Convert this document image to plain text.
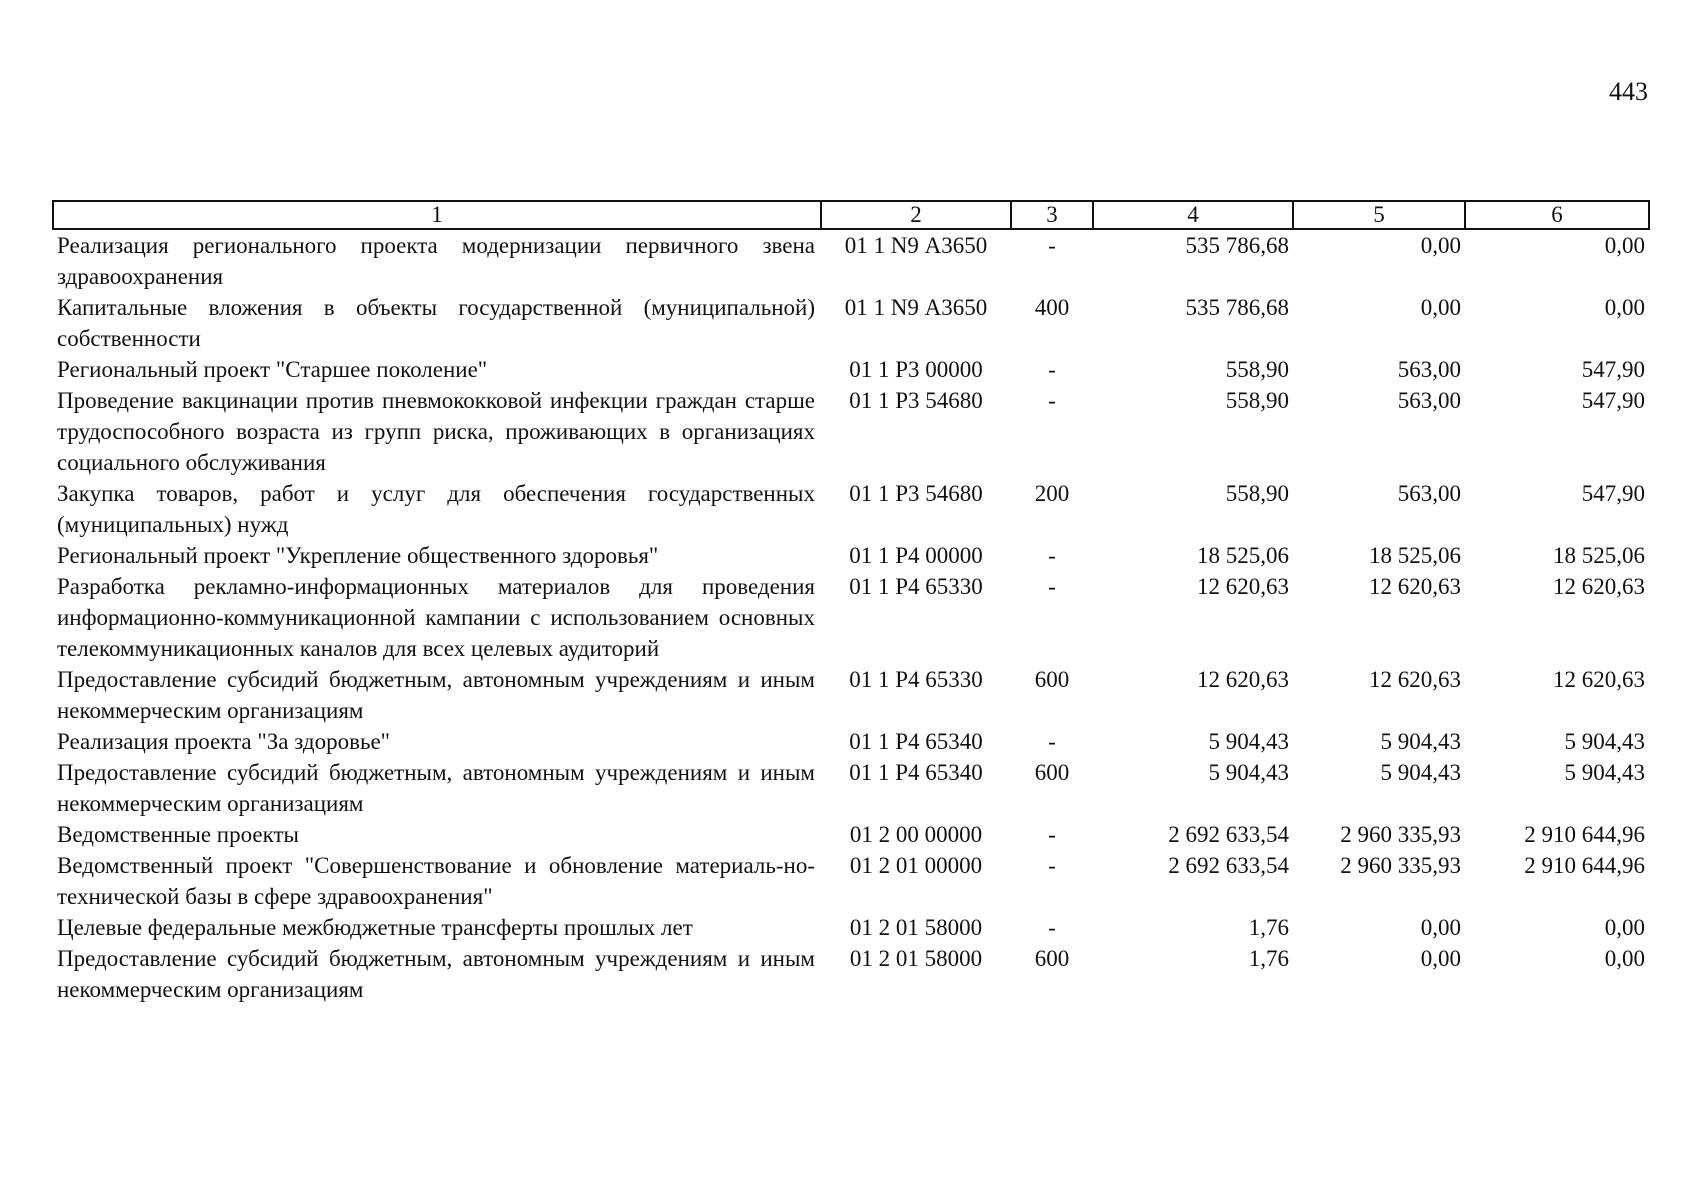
443
1	2	3	4	5	6
Реализация регионального проекта модернизации первичного звена здравоохранения	01 1 N9 А3650	-	535 786,68	0,00	0,00
Капитальные вложения в объекты государственной (муниципальной) собственности	01 1 N9 А3650	400	535 786,68	0,00	0,00
Региональный проект "Старшее поколение"	01 1 Р3 00000	-	558,90	563,00	547,90
Проведение вакцинации против пневмококковой инфекции граждан старше трудоспособного возраста из групп риска, проживающих в организациях социального обслуживания	01 1 Р3 54680	-	558,90	563,00	547,90
Закупка товаров, работ и услуг для обеспечения государственных (муниципальных) нужд	01 1 Р3 54680	200	558,90	563,00	547,90
Региональный проект "Укрепление общественного здоровья"	01 1 Р4 00000	-	18 525,06	18 525,06	18 525,06
Разработка рекламно-информационных материалов для проведения информационно-коммуникационной кампании с использованием основных телекоммуникационных каналов для всех целевых аудиторий	01 1 Р4 65330	-	12 620,63	12 620,63	12 620,63
Предоставление субсидий бюджетным, автономным учреждениям и иным некоммерческим организациям	01 1 Р4 65330	600	12 620,63	12 620,63	12 620,63
Реализация проекта "За здоровье"	01 1 Р4 65340	-	5 904,43	5 904,43	5 904,43
Предоставление субсидий бюджетным, автономным учреждениям и иным некоммерческим организациям	01 1 Р4 65340	600	5 904,43	5 904,43	5 904,43
Ведомственные проекты	01 2 00 00000	-	2 692 633,54	2 960 335,93	2 910 644,96
Ведомственный проект "Совершенствование и обновление материаль-но-технической базы в сфере здравоохранения"	01 2 01 00000	-	2 692 633,54	2 960 335,93	2 910 644,96
Целевые федеральные межбюджетные трансферты прошлых лет	01 2 01 58000	-	1,76	0,00	0,00
Предоставление субсидий бюджетным, автономным учреждениям и иным некоммерческим организациям	01 2 01 58000	600	1,76	0,00	0,00
